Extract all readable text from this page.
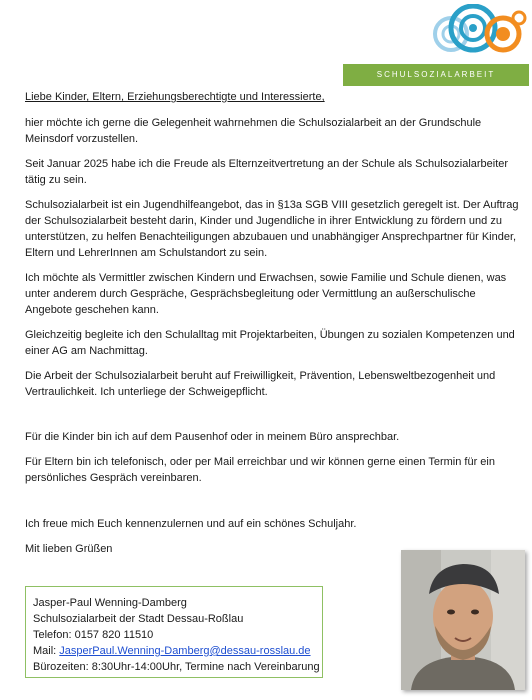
SCHULSOZIALARBEIT
Liebe Kinder, Eltern, Erziehungsberechtigte und Interessierte,

hier möchte ich gerne die Gelegenheit wahrnehmen die Schulsozialarbeit an der Grundschule Meinsdorf vorzustellen.

Seit Januar 2025 habe ich die Freude als Elternzeitvertretung an der Schule als Schulsozialarbeiter tätig zu sein.

Schulsozialarbeit ist ein Jugendhilfeangebot, das in §13a SGB VIII gesetzlich geregelt ist. Der Auftrag der Schulsozialarbeit besteht darin, Kinder und Jugendliche in ihrer Entwicklung zu fördern und zu unterstützen, zu helfen Benachteiligungen abzubauen und unabhängiger Ansprechpartner für Kinder, Eltern und LehrerInnen am Schulstandort zu sein.

Ich möchte als Vermittler zwischen Kindern und Erwachsen, sowie Familie und Schule dienen, was unter anderem durch Gespräche, Gesprächsbegleitung oder Vermittlung an außerschulische Angebote geschehen kann.

Gleichzeitig begleite ich den Schulalltag mit Projektarbeiten, Übungen zu sozialen Kompetenzen und einer AG am Nachmittag.

Die Arbeit der Schulsozialarbeit beruht auf Freiwilligkeit, Prävention, Lebensweltbezogenheit und Vertraulichkeit. Ich unterliege der Schweigepflicht.

Für die Kinder bin ich auf dem Pausenhof oder in meinem Büro ansprechbar.

Für Eltern bin ich telefonisch, oder per Mail erreichbar und wir können gerne einen Termin für ein persönliches Gespräch vereinbaren.

Ich freue mich Euch kennenzulernen und auf ein schönes Schuljahr.

Mit lieben Grüßen

Jasper-Paul Wenning-Damberg
Schulsozialarbeit der Stadt Dessau-Roßlau
Telefon: 0157 820 11510
Mail: JasperPaul.Wenning-Damberg@dessau-rosslau.de
Bürozeiten: 8:30Uhr-14:00Uhr, Termine nach Vereinbarung
